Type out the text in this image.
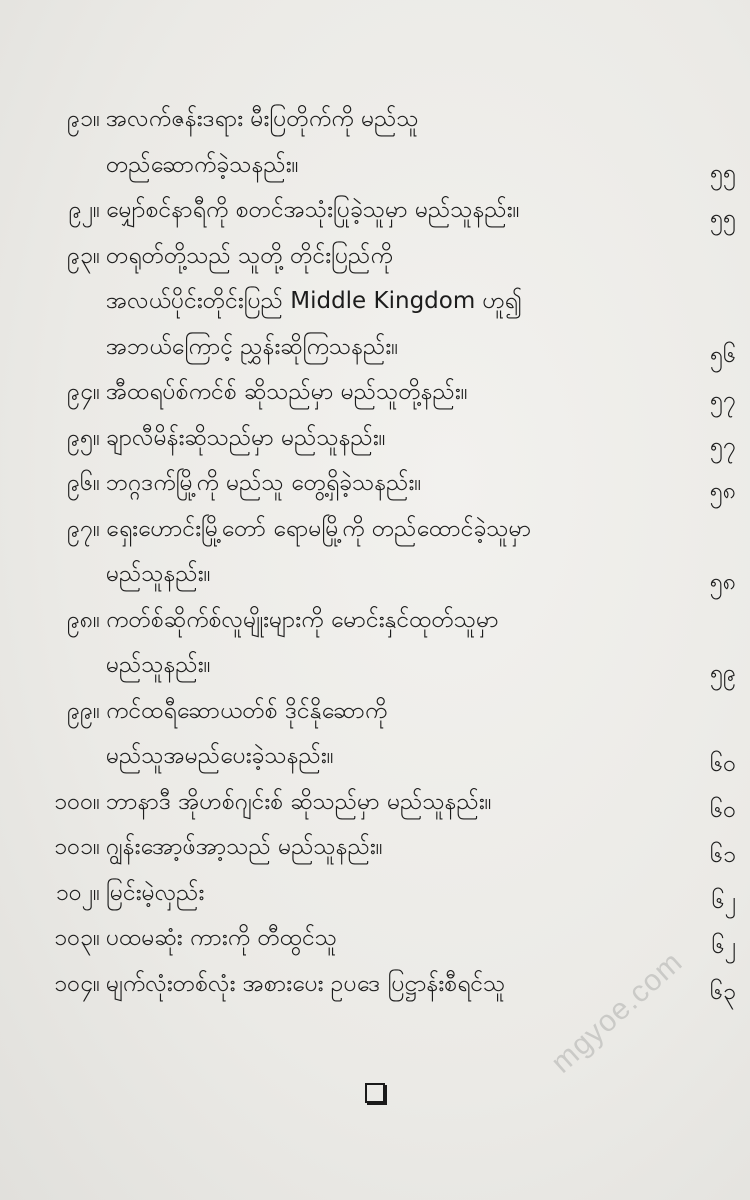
၉၁။ အလက်ဇန်းဒရား မီးပြတိုက်ကို မည်သူ
တည်ဆောက်ခဲ့သနည်း။	၅၅
၉၂။ မျှော်စင်နာရီကို စတင်အသုံးပြုခဲ့သူမှာ မည်သူနည်း။	၅၅
၉၃။ တရုတ်တို့သည် သူတို့ တိုင်းပြည်ကို
အလယ်ပိုင်းတိုင်းပြည် Middle Kingdom ဟူ၍
အဘယ်ကြောင့် ညွှန်းဆိုကြသနည်း။	၅၆
၉၄။ အီထရပ်စ်ကင်စ် ဆိုသည်မှာ မည်သူတို့နည်း။	၅၇
၉၅။ ချာလီမိန်းဆိုသည်မှာ မည်သူနည်း။	၅၇
၉၆။ ဘဂ္ဂဒက်မြို့ကို မည်သူ တွေ့ရှိခဲ့သနည်း။	၅၈
၉၇။ ရှေးဟောင်းမြို့တော် ရောမမြို့ကို တည်ထောင်ခဲ့သူမှာ
မည်သူနည်း။	၅၈
၉၈။ ကတ်စ်ဆိုက်စ်လူမျိုးများကို မောင်းနှင်ထုတ်သူမှာ
မည်သူနည်း။	၅၉
၉၉။ ကင်ထရီဆောယတ်စ် ဒိုင်နိုဆောကို
မည်သူအမည်ပေးခဲ့သနည်း။	၆၀
၁၀၀။ ဘာနာဒီ အိုဟစ်ဂျင်းစ် ဆိုသည်မှာ မည်သူနည်း။	၆၀
၁၀၁။ ဂျွန်းအော့ဖ်အာ့သည် မည်သူနည်း။	၆၁
၁၀၂။ မြင်းမဲ့လှည်း	၆၂
၁၀၃။ ပထမဆုံး ကားကို တီထွင်သူ	၆၂
၁၀၄။ မျက်လုံးတစ်လုံး အစားပေး ဥပဒေ ပြဋ္ဌာန်းစီရင်သူ	၆၃
mgyoe.com
